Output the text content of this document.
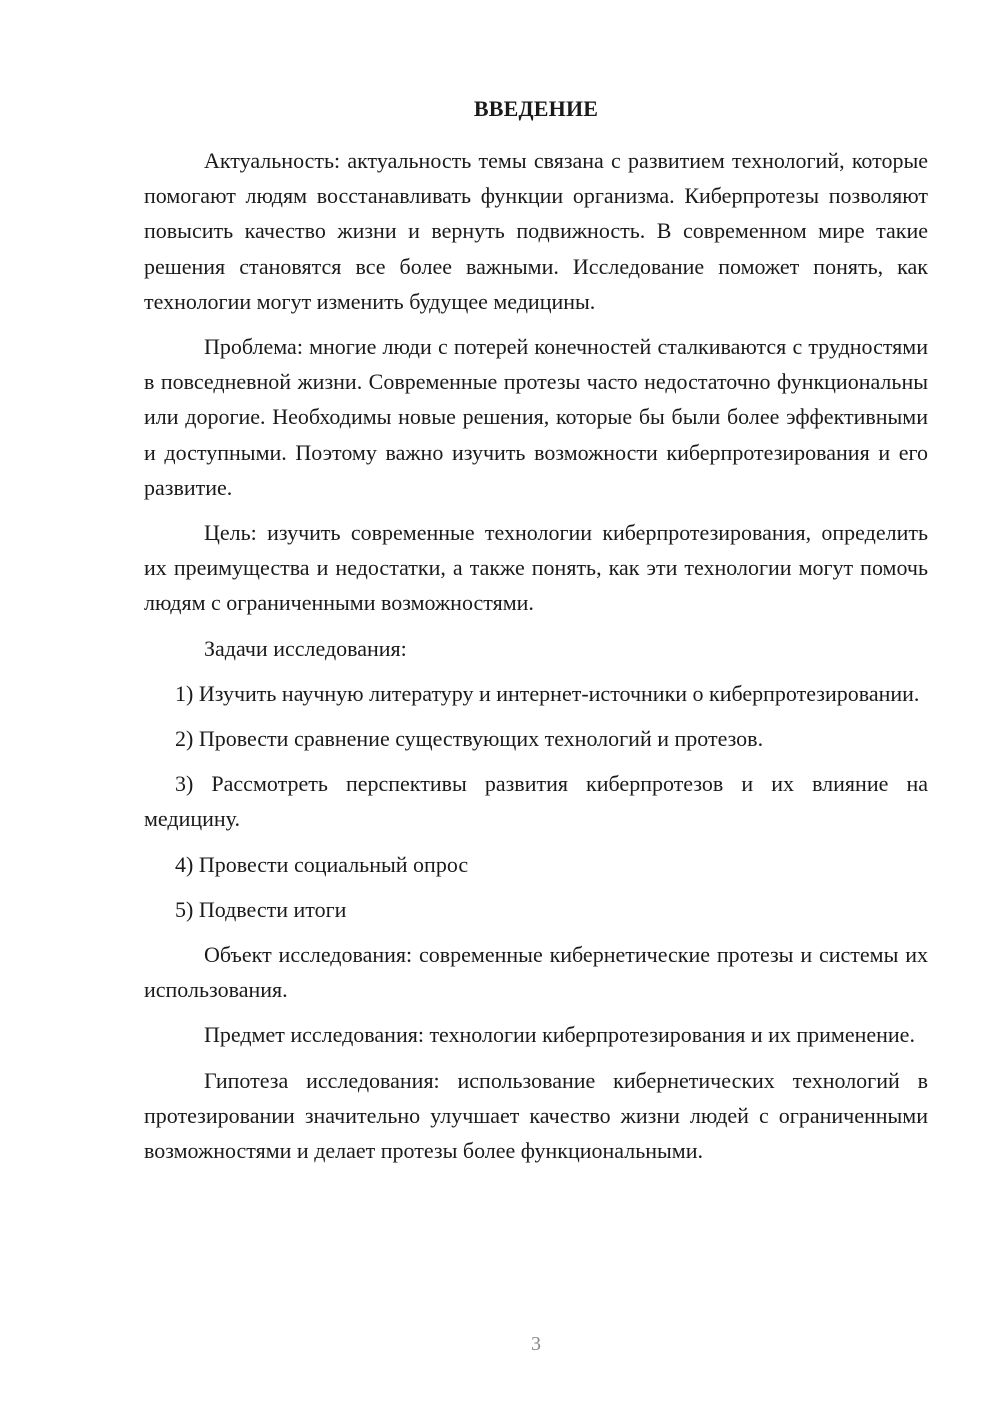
ВВЕДЕНИЕ

Актуальность: актуальность темы связана с развитием технологий, которые помогают людям восстанавливать функции организма. Киберпротезы позволяют повысить качество жизни и вернуть подвижность. В современном мире такие решения становятся все более важными. Исследование поможет понять, как технологии могут изменить будущее медицины.

Проблема: многие люди с потерей конечностей сталкиваются с трудностями в повседневной жизни. Современные протезы часто недостаточно функциональны или дорогие. Необходимы новые решения, которые бы были более эффективными и доступными. Поэтому важно изучить возможности киберпротезирования и его развитие.

Цель: изучить современные технологии киберпротезирования, определить их преимущества и недостатки, а также понять, как эти технологии могут помочь людям с ограниченными возможностями.

Задачи исследования:

1) Изучить научную литературу и интернет-источники о киберпротезировании.

2) Провести сравнение существующих технологий и протезов.

3) Рассмотреть перспективы развития киберпротезов и их влияние на медицину.

4) Провести социальный опрос

5) Подвести итоги

Объект исследования: современные кибернетические протезы и системы их использования.

Предмет исследования: технологии киберпротезирования и их применение.

Гипотеза исследования: использование кибернетических технологий в протезировании значительно улучшает качество жизни людей с ограниченными возможностями и делает протезы более функциональными.

3
